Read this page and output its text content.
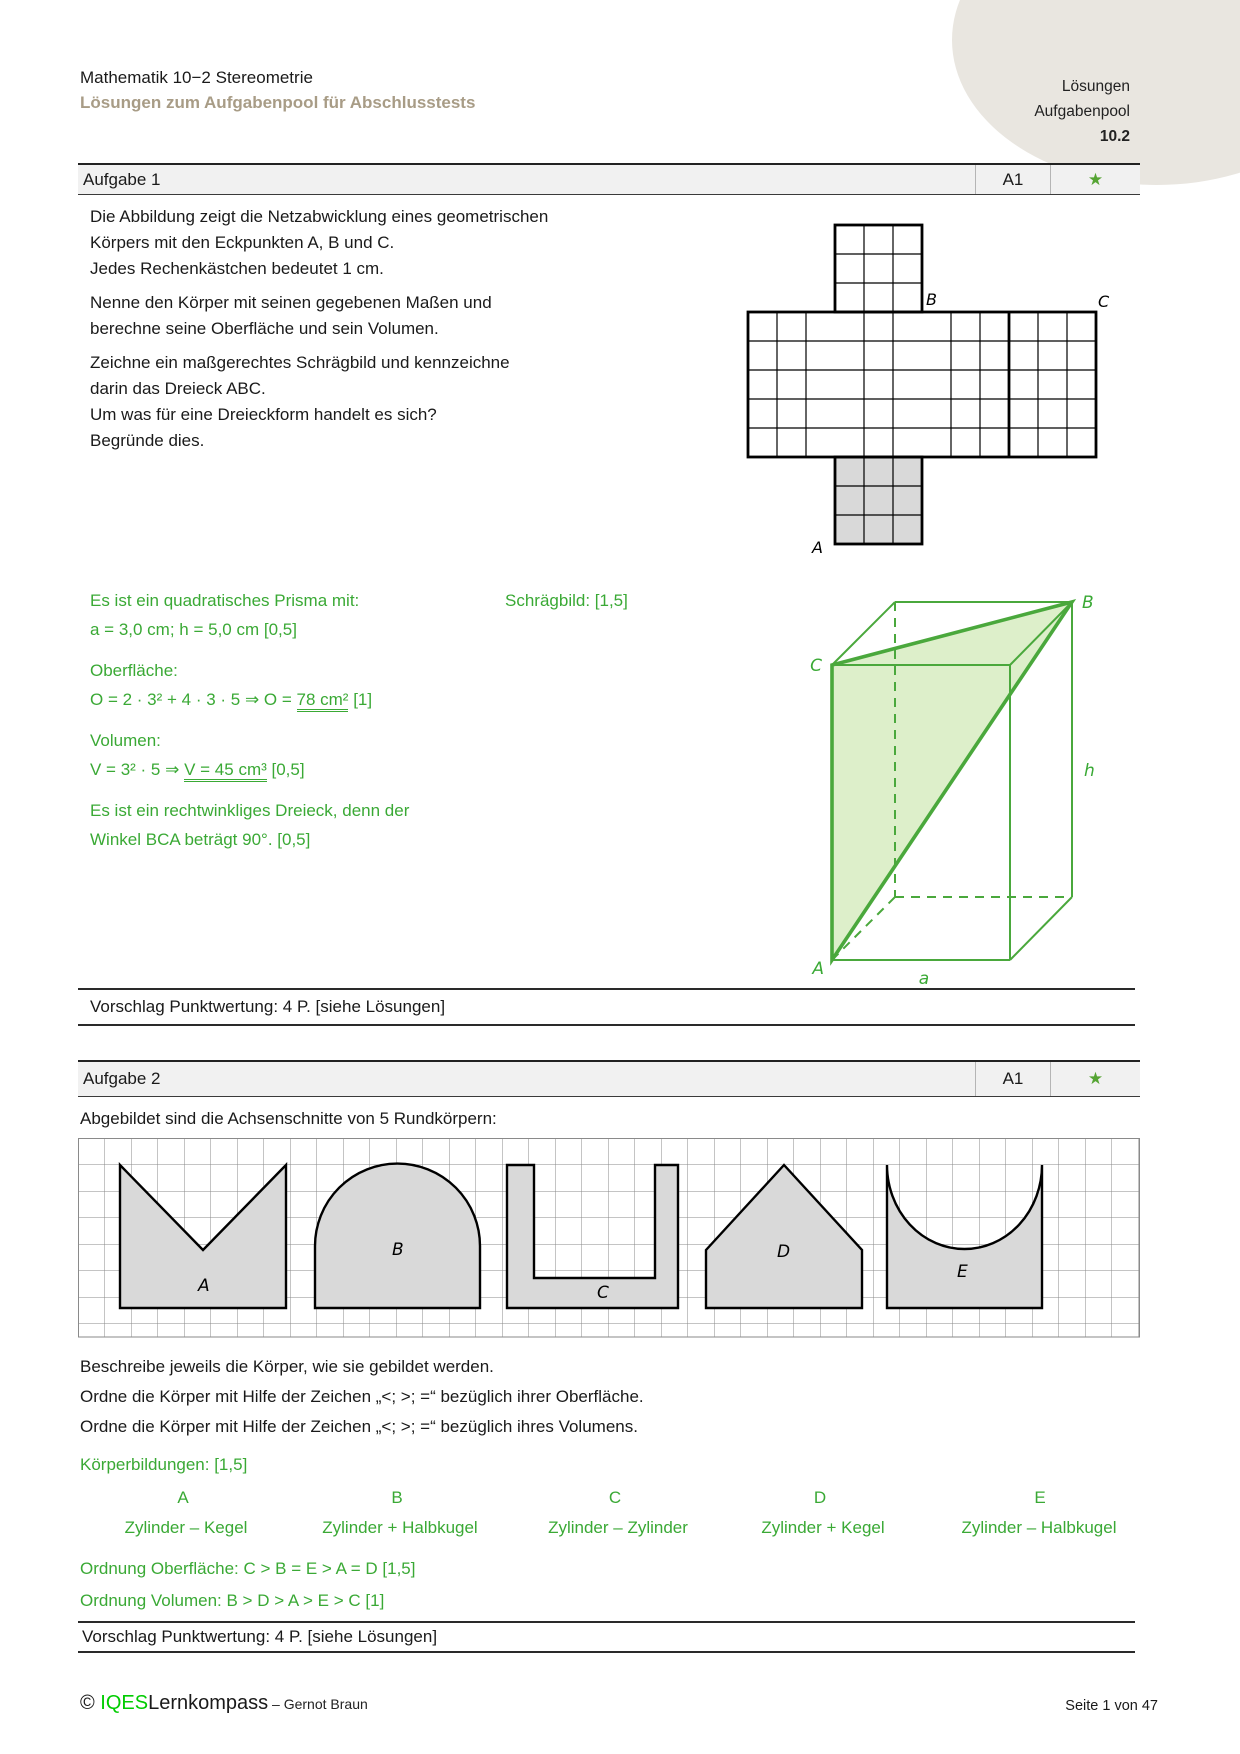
Lösungen
Aufgabenpool
10.2
Mathematik 10−2 Stereometrie
Lösungen zum Aufgabenpool für Abschlusstests
Aufgabe 1	A1	★
Die Abbildung zeigt die Netzabwicklung eines geometrischen
Körpers mit den Eckpunkten A, B und C.
Jedes Rechenkästchen bedeutet 1 cm.
Nenne den Körper mit seinen gegebenen Maßen und
berechne seine Oberfläche und sein Volumen.
Zeichne ein maßgerechtes Schrägbild und kennzeichne
darin das Dreieck ABC.
Um was für eine Dreieckform handelt es sich?
Begründe dies.
B	C
A
Es ist ein quadratisches Prisma mit:
a = 3,0 cm; h = 5,0 cm [0,5]
Oberfläche:
O = 2 · 3² + 4 · 3 · 5 ⇒ O = 78 cm² [1]
Volumen:
V = 3² · 5 ⇒ V = 45 cm³ [0,5]
Es ist ein rechtwinkliges Dreieck, denn der
Winkel BCA beträgt 90°. [0,5]
Schrägbild: [1,5]
C
B
A
h
a
Vorschlag Punktwertung: 4 P. [siehe Lösungen]
Aufgabe 2	A1	★
Abgebildet sind die Achsenschnitte von 5 Rundkörpern:
A
B
C
D
E
Beschreibe jeweils die Körper, wie sie gebildet werden.
Ordne die Körper mit Hilfe der Zeichen „<; >; =“ bezüglich ihrer Oberfläche.
Ordne die Körper mit Hilfe der Zeichen „<; >; =“ bezüglich ihres Volumens.
Körperbildungen: [1,5]
A	B	C	D	E
Zylinder – Kegel	Zylinder + Halbkugel	Zylinder – Zylinder	Zylinder + Kegel	Zylinder – Halbkugel
Ordnung Oberfläche: C > B = E > A = D [1,5]
Ordnung Volumen: B > D > A > E > C [1]
Vorschlag Punktwertung: 4 P. [siehe Lösungen]
© IQESLernkompass – Gernot Braun	Seite 1 von 47
